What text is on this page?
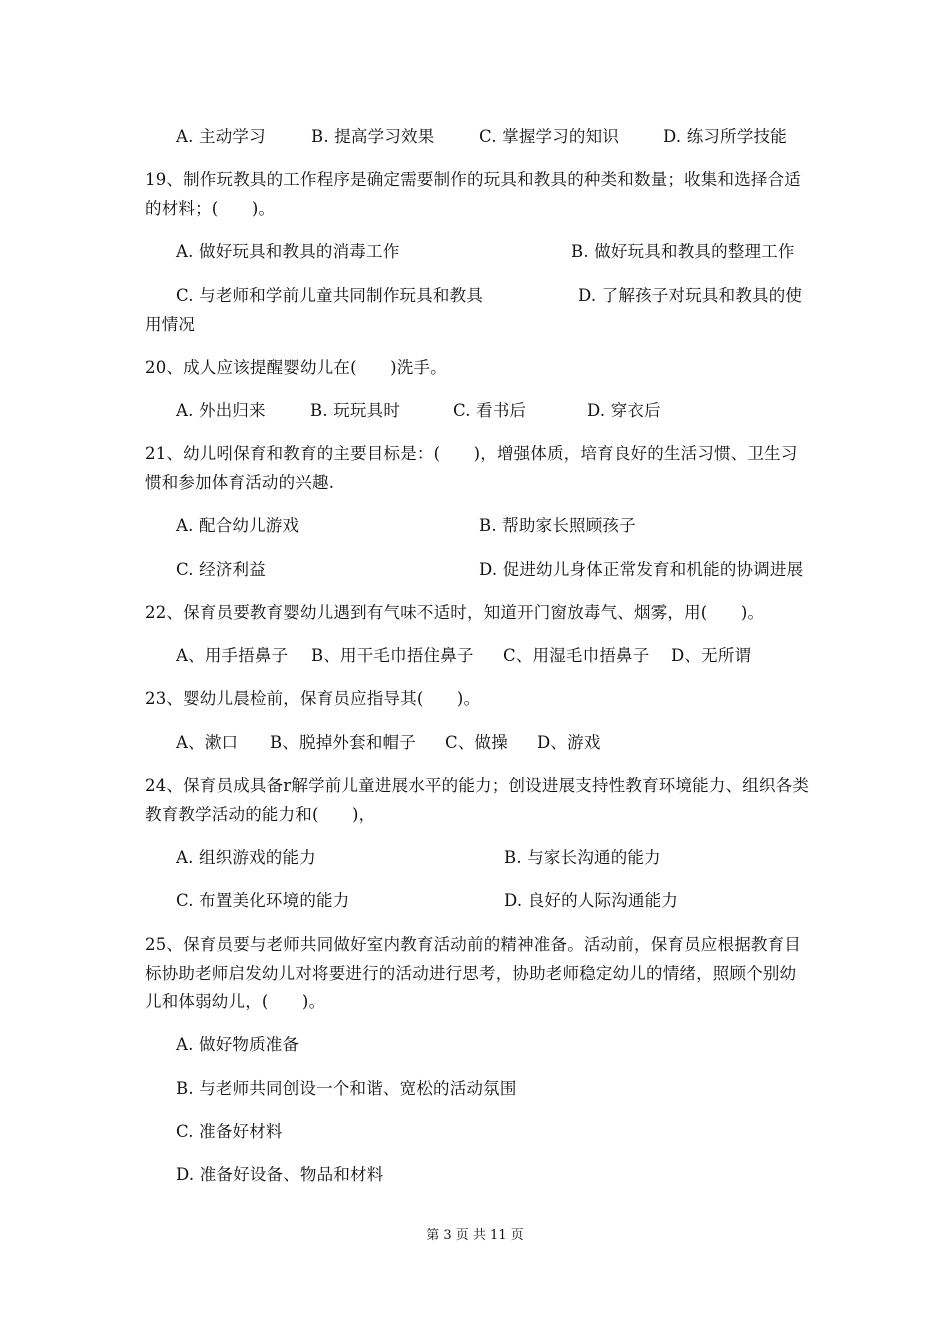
A. 主动学习	B. 提高学习效果	C. 掌握学习的知识	D. 练习所学技能
19、制作玩教具的工作程序是确定需要制作的玩具和教具的种类和数量；收集和选择合适
的材料；(　　)。
A. 做好玩具和教具的消毒工作	B. 做好玩具和教具的整理工作
C. 与老师和学前儿童共同制作玩具和教具	D. 了解孩子对玩具和教具的使
用情况
20、成人应该提醒婴幼儿在(　　)洗手。
A. 外出归来	B. 玩玩具时	C. 看书后	D. 穿衣后
21、幼儿吲保育和教育的主要目标是：(　　)，增强体质，培育良好的生活习惯、卫生习
惯和参加体育活动的兴趣.
A. 配合幼儿游戏	B. 帮助家长照顾孩子
C. 经济利益	D. 促进幼儿身体正常发育和机能的协调进展
22、保育员要教育婴幼儿遇到有气味不适时，知道开门窗放毒气、烟雾，用(　　)。
A、用手捂鼻子 B、用干毛巾捂住鼻子 C、用湿毛巾捂鼻子 D、无所谓
23、婴幼儿晨检前，保育员应指导其(　　)。
A、漱口 B、脱掉外套和帽子 C、做操 D、游戏
24、保育员成具备r解学前儿童进展水平的能力；创设进展支持性教育环境能力、组织各类
教育教学活动的能力和(　　)，
A. 组织游戏的能力	B. 与家长沟通的能力
C. 布置美化环境的能力	D. 良好的人际沟通能力
25、保育员要与老师共同做好室内教育活动前的精神准备。活动前，保育员应根据教育目
标协助老师启发幼儿对将要进行的活动进行思考，协助老师稳定幼儿的情绪，照顾个别幼
儿和体弱幼儿，(　　)。
A. 做好物质准备
B. 与老师共同创设一个和谐、宽松的活动氛围
C. 准备好材料
D. 准备好设备、物品和材料
第 3 页 共 11 页
